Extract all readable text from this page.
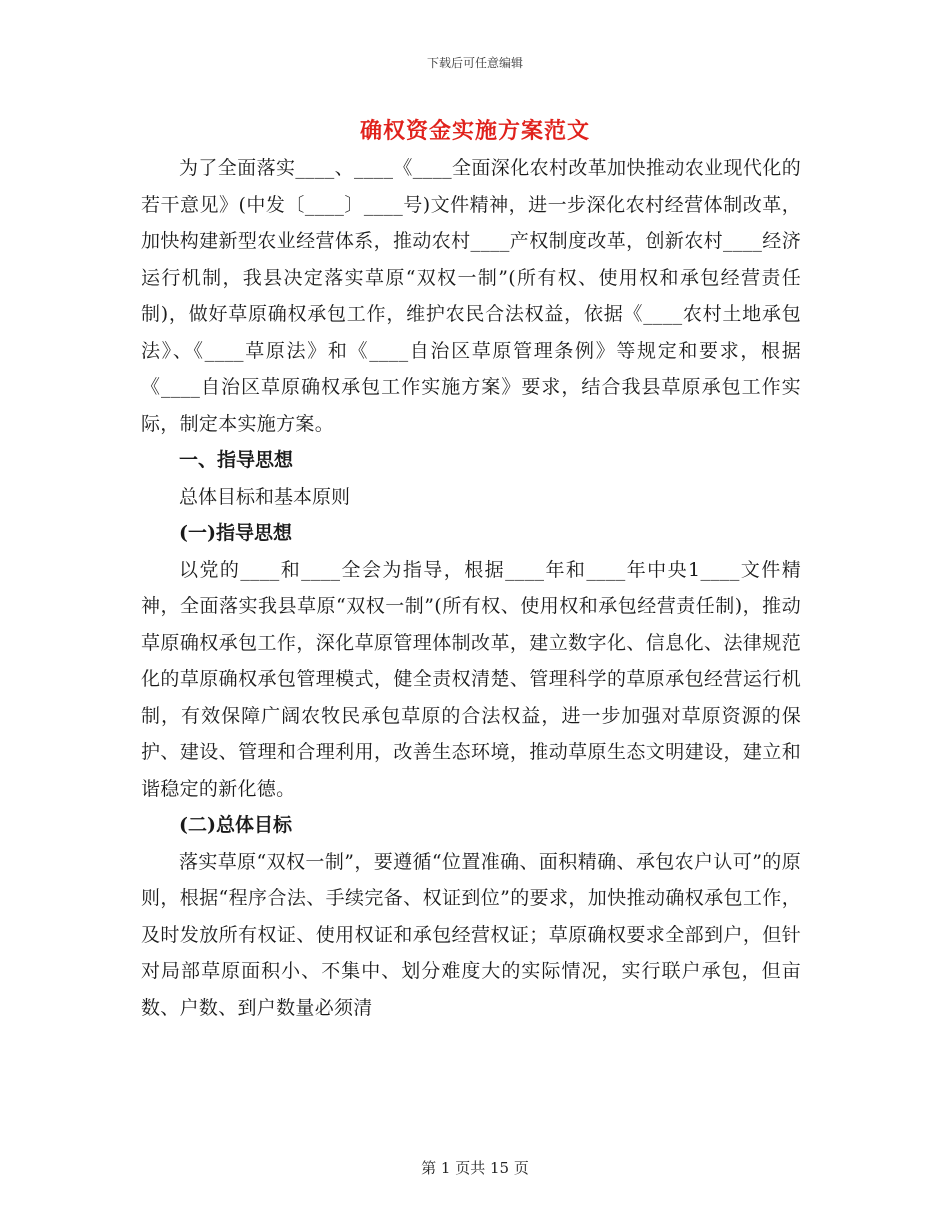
下载后可任意编辑
确权资金实施方案范文

为了全面落实____、____《____全面深化农村改革加快推动农业现代化的若干意见》(中发〔____〕____号)文件精神，进一步深化农村经营体制改革，加快构建新型农业经营体系，推动农村____产权制度改革，创新农村____经济运行机制，我县决定落实草原“双权一制”(所有权、使用权和承包经营责任制)，做好草原确权承包工作，维护农民合法权益，依据《____农村土地承包法》、《____草原法》和《____自治区草原管理条例》等规定和要求，根据《____自治区草原确权承包工作实施方案》要求，结合我县草原承包工作实际，制定本实施方案。

一、指导思想

总体目标和基本原则

(一)指导思想

以党的____和____全会为指导，根据____年和____年中央1____文件精神，全面落实我县草原“双权一制”(所有权、使用权和承包经营责任制)，推动草原确权承包工作，深化草原管理体制改革，建立数字化、信息化、法律规范化的草原确权承包管理模式，健全责权清楚、管理科学的草原承包经营运行机制，有效保障广阔农牧民承包草原的合法权益，进一步加强对草原资源的保护、建设、管理和合理利用，改善生态环境，推动草原生态文明建设，建立和谐稳定的新化德。

(二)总体目标

落实草原“双权一制”，要遵循“位置准确、面积精确、承包农户认可”的原则，根据“程序合法、手续完备、权证到位”的要求，加快推动确权承包工作，及时发放所有权证、使用权证和承包经营权证；草原确权要求全部到户，但针对局部草原面积小、不集中、划分难度大的实际情况，实行联户承包，但亩数、户数、到户数量必须清

第 1 页共 15 页
